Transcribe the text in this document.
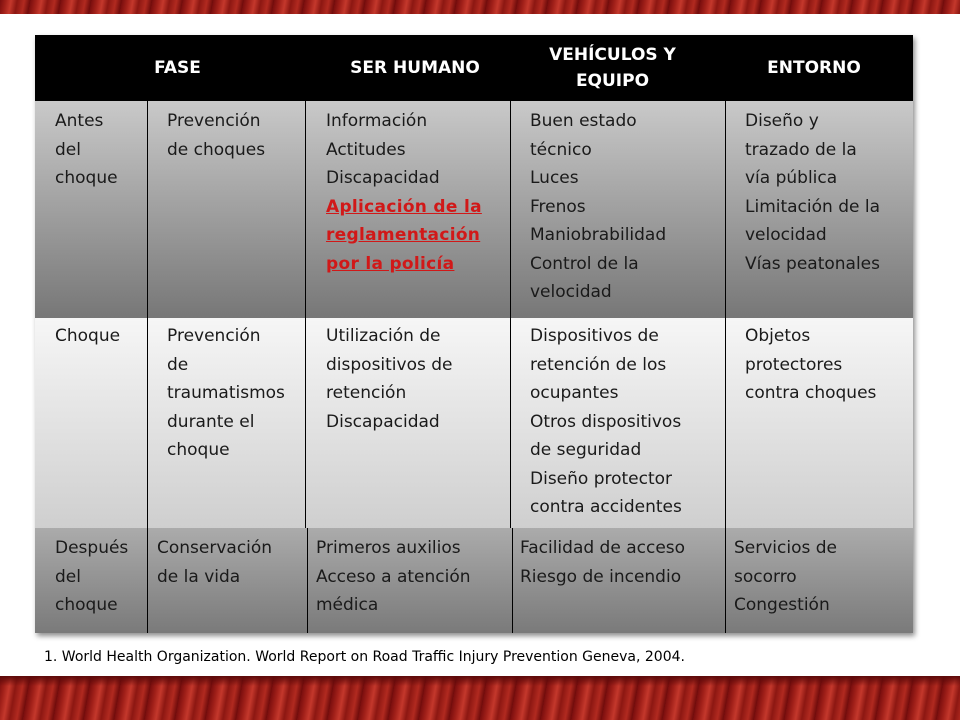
FASE	SER HUMANO
VEHÍCULOS Y
EQUIPO
ENTORNO
Antes
del
choque
Prevención
de choques
Información
Actitudes
Discapacidad
Aplicación de la
reglamentación
por la policía
Buen estado
técnico
Luces
Frenos
Maniobrabilidad
Control de la
velocidad
Diseño y
trazado de la
vía pública
Limitación de la
velocidad
Vías peatonales
Choque	Prevención
de
traumatismos
durante el
choque
Utilización de
dispositivos de
retención
Discapacidad
Dispositivos de
retención de los
ocupantes
Otros dispositivos
de seguridad
Diseño protector
contra accidentes
Objetos
protectores
contra choques
Después
del
choque
Conservación
de la vida
Primeros auxilios
Acceso a atención
médica
Facilidad de acceso
Riesgo de incendio
Servicios de
socorro
Congestión
1. World Health Organization. World Report on Road Traffic Injury Prevention Geneva, 2004.
